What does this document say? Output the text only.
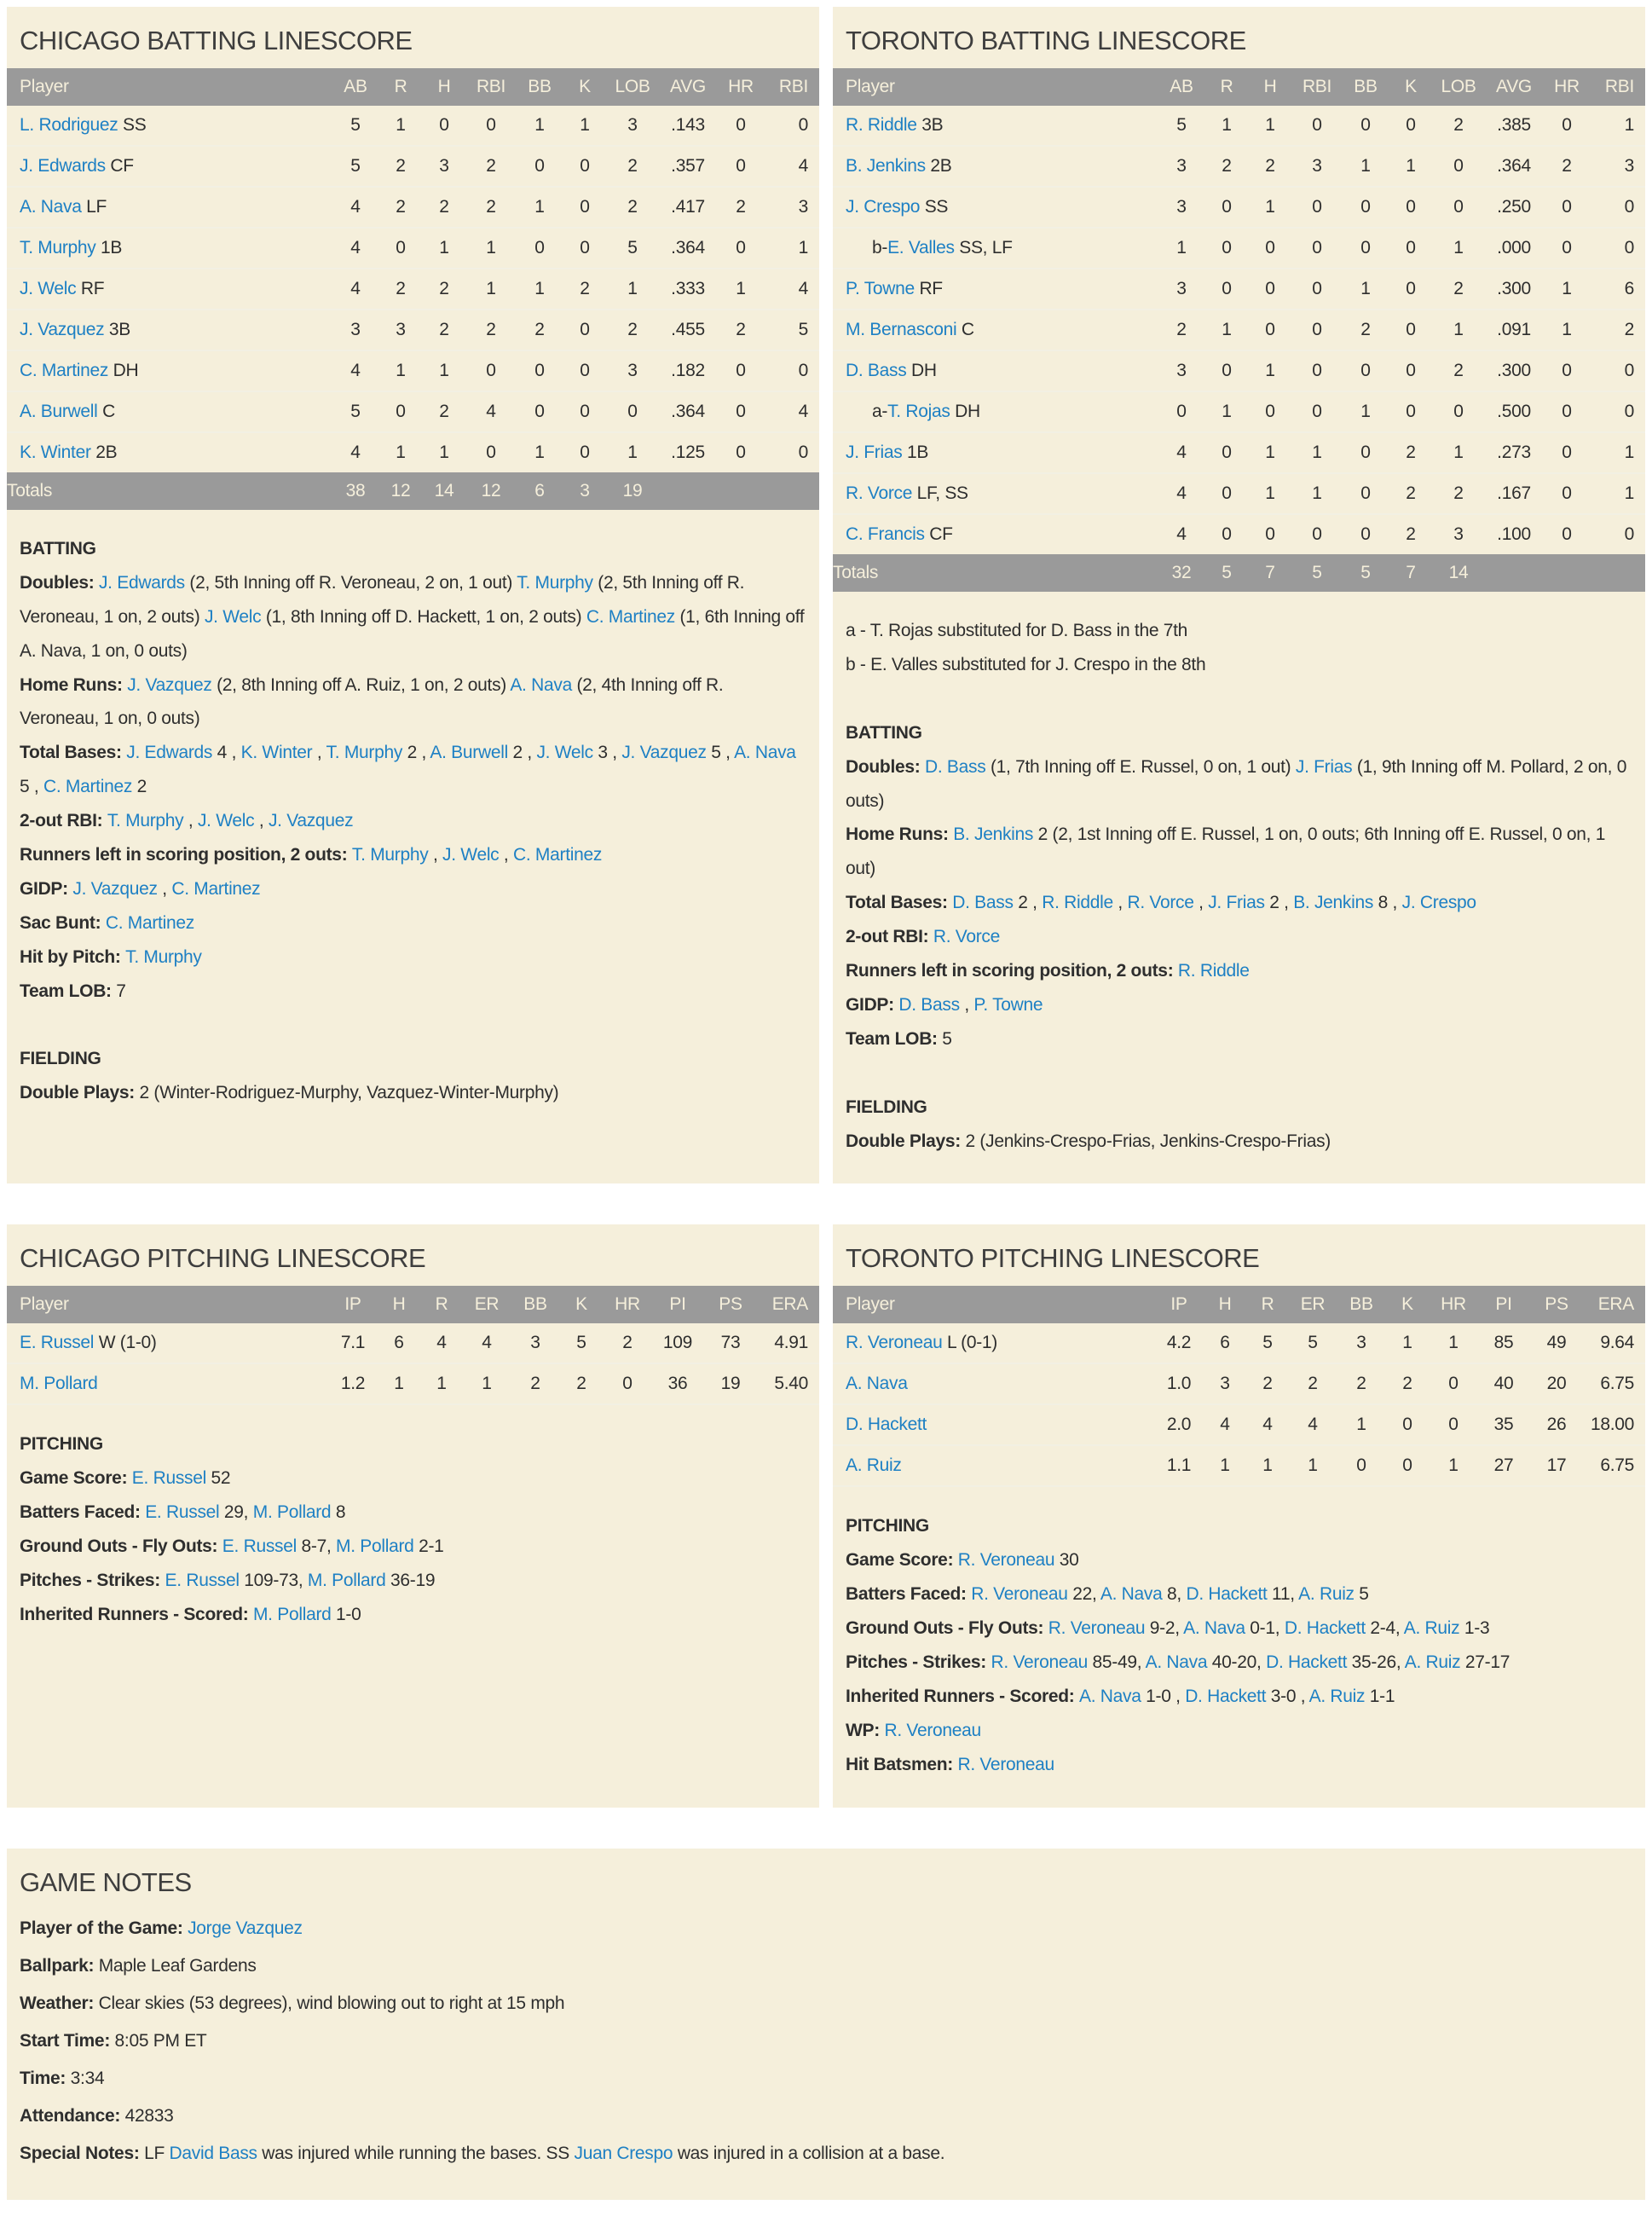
CHICAGO BATTING LINESCORE
Player	AB	R	H	RBI	BB	K	LOB	AVG	HR	RBI
L. Rodriguez SS	5	1	0	0	1	1	3	.143	0	0
J. Edwards CF	5	2	3	2	0	0	2	.357	0	4
A. Nava LF	4	2	2	2	1	0	2	.417	2	3
T. Murphy 1B	4	0	1	1	0	0	5	.364	0	1
J. Welc RF	4	2	2	1	1	2	1	.333	1	4
J. Vazquez 3B	3	3	2	2	2	0	2	.455	2	5
C. Martinez DH	4	1	1	0	0	0	3	.182	0	0
A. Burwell C	5	0	2	4	0	0	0	.364	0	4
K. Winter 2B	4	1	1	0	1	0	1	.125	0	0
Totals	38	12	14	12	6	3	19			
BATTING
Doubles: J. Edwards (2, 5th Inning off R. Veroneau, 2 on, 1 out) T. Murphy (2, 5th Inning off R. Veroneau, 1 on, 2 outs) J. Welc (1, 8th Inning off D. Hackett, 1 on, 2 outs) C. Martinez (1, 6th Inning off A. Nava, 1 on, 0 outs)
Home Runs: J. Vazquez (2, 8th Inning off A. Ruiz, 1 on, 2 outs) A. Nava (2, 4th Inning off R. Veroneau, 1 on, 0 outs)
Total Bases: J. Edwards 4 , K. Winter , T. Murphy 2 , A. Burwell 2 , J. Welc 3 , J. Vazquez 5 , A. Nava 5 , C. Martinez 2
2-out RBI: T. Murphy , J. Welc , J. Vazquez
Runners left in scoring position, 2 outs: T. Murphy , J. Welc , C. Martinez
GIDP: J. Vazquez , C. Martinez
Sac Bunt: C. Martinez
Hit by Pitch: T. Murphy
Team LOB: 7
FIELDING
Double Plays: 2 (Winter-Rodriguez-Murphy, Vazquez-Winter-Murphy)
TORONTO BATTING LINESCORE
Player	AB	R	H	RBI	BB	K	LOB	AVG	HR	RBI
R. Riddle 3B	5	1	1	0	0	0	2	.385	0	1
B. Jenkins 2B	3	2	2	3	1	1	0	.364	2	3
J. Crespo SS	3	0	1	0	0	0	0	.250	0	0
b-E. Valles SS, LF	1	0	0	0	0	0	1	.000	0	0
P. Towne RF	3	0	0	0	1	0	2	.300	1	6
M. Bernasconi C	2	1	0	0	2	0	1	.091	1	2
D. Bass DH	3	0	1	0	0	0	2	.300	0	0
a-T. Rojas DH	0	1	0	0	1	0	0	.500	0	0
J. Frias 1B	4	0	1	1	0	2	1	.273	0	1
R. Vorce LF, SS	4	0	1	1	0	2	2	.167	0	1
C. Francis CF	4	0	0	0	0	2	3	.100	0	0
Totals	32	5	7	5	5	7	14			
a - T. Rojas substituted for D. Bass in the 7th
b - E. Valles substituted for J. Crespo in the 8th
BATTING
Doubles: D. Bass (1, 7th Inning off E. Russel, 0 on, 1 out) J. Frias (1, 9th Inning off M. Pollard, 2 on, 0 outs)
Home Runs: B. Jenkins 2 (2, 1st Inning off E. Russel, 1 on, 0 outs; 6th Inning off E. Russel, 0 on, 1 out)
Total Bases: D. Bass 2 , R. Riddle , R. Vorce , J. Frias 2 , B. Jenkins 8 , J. Crespo
2-out RBI: R. Vorce
Runners left in scoring position, 2 outs: R. Riddle
GIDP: D. Bass , P. Towne
Team LOB: 5
FIELDING
Double Plays: 2 (Jenkins-Crespo-Frias, Jenkins-Crespo-Frias)
CHICAGO PITCHING LINESCORE
Player	IP	H	R	ER	BB	K	HR	PI	PS	ERA
E. Russel W (1-0)	7.1	6	4	4	3	5	2	109	73	4.91
M. Pollard	1.2	1	1	1	2	2	0	36	19	5.40
PITCHING
Game Score: E. Russel 52
Batters Faced: E. Russel 29, M. Pollard 8
Ground Outs - Fly Outs: E. Russel 8-7, M. Pollard 2-1
Pitches - Strikes: E. Russel 109-73, M. Pollard 36-19
Inherited Runners - Scored: M. Pollard 1-0
TORONTO PITCHING LINESCORE
Player	IP	H	R	ER	BB	K	HR	PI	PS	ERA
R. Veroneau L (0-1)	4.2	6	5	5	3	1	1	85	49	9.64
A. Nava	1.0	3	2	2	2	2	0	40	20	6.75
D. Hackett	2.0	4	4	4	1	0	0	35	26	18.00
A. Ruiz	1.1	1	1	1	0	0	1	27	17	6.75
PITCHING
Game Score: R. Veroneau 30
Batters Faced: R. Veroneau 22, A. Nava 8, D. Hackett 11, A. Ruiz 5
Ground Outs - Fly Outs: R. Veroneau 9-2, A. Nava 0-1, D. Hackett 2-4, A. Ruiz 1-3
Pitches - Strikes: R. Veroneau 85-49, A. Nava 40-20, D. Hackett 35-26, A. Ruiz 27-17
Inherited Runners - Scored: A. Nava 1-0 , D. Hackett 3-0 , A. Ruiz 1-1
WP: R. Veroneau
Hit Batsmen: R. Veroneau
GAME NOTES
Player of the Game: Jorge Vazquez
Ballpark: Maple Leaf Gardens
Weather: Clear skies (53 degrees), wind blowing out to right at 15 mph
Start Time: 8:05 PM ET
Time: 3:34
Attendance: 42833
Special Notes: LF David Bass was injured while running the bases. SS Juan Crespo was injured in a collision at a base.
